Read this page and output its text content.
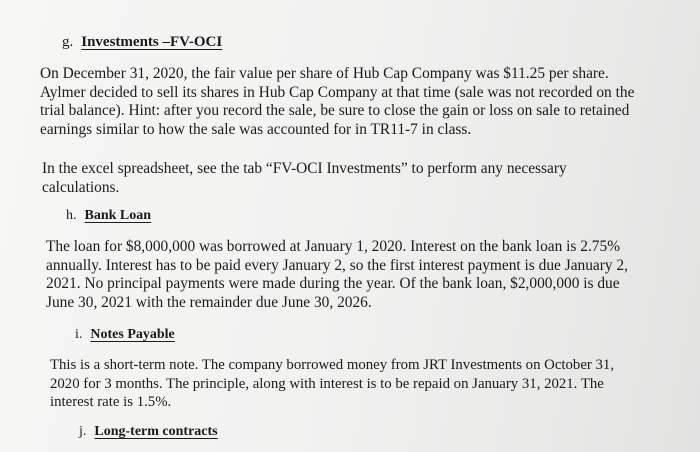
g. Investments –FV-OCI

On December 31, 2020, the fair value per share of Hub Cap Company was $11.25 per share.
Aylmer decided to sell its shares in Hub Cap Company at that time (sale was not recorded on the
trial balance). Hint: after you record the sale, be sure to close the gain or loss on sale to retained
earnings similar to how the sale was accounted for in TR11-7 in class.

In the excel spreadsheet, see the tab “FV-OCI Investments” to perform any necessary
calculations.

h. Bank Loan

The loan for $8,000,000 was borrowed at January 1, 2020. Interest on the bank loan is 2.75%
annually. Interest has to be paid every January 2, so the first interest payment is due January 2,
2021. No principal payments were made during the year. Of the bank loan, $2,000,000 is due
June 30, 2021 with the remainder due June 30, 2026.

i. Notes Payable

This is a short-term note. The company borrowed money from JRT Investments on October 31,
2020 for 3 months. The principle, along with interest is to be repaid on January 31, 2021. The
interest rate is 1.5%.

j. Long-term contracts
